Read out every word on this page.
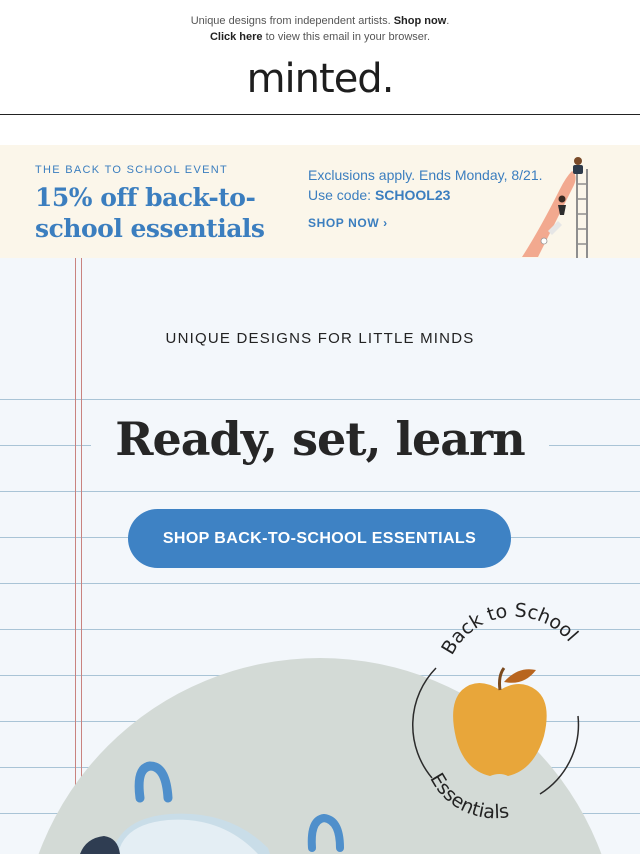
Unique designs from independent artists. Shop now.
Click here to view this email in your browser.
minted.
THE BACK TO SCHOOL EVENT
15% off back-to-school essentials
Exclusions apply. Ends Monday, 8/21.
Use code: SCHOOL23
SHOP NOW ›
UNIQUE DESIGNS FOR LITTLE MINDS
Ready, set, learn
SHOP BACK-TO-SCHOOL ESSENTIALS
Back to School
Essentials
